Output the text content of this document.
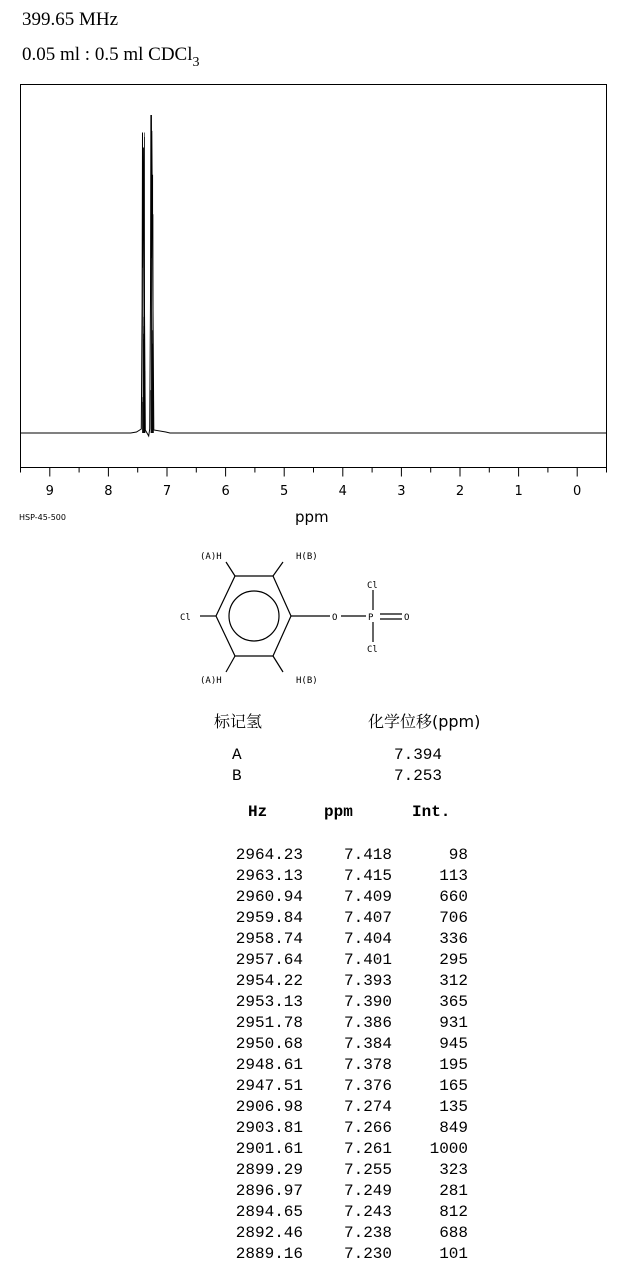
399.65 MHz
0.05 ml : 0.5 ml CDCl$_3$
9	8	7	6	5	4	3	2	1	0
HSP-45-500	ppm
(A)H	H(B)
Cl	O	P	O
Cl
Cl
(A)H	H(B)
标记氢	化学位移(ppm)
A	7.394
B	7.253
Hz	ppm	Int.
2964.23	7.418	98
2963.13	7.415	113
2960.94	7.409	660
2959.84	7.407	706
2958.74	7.404	336
2957.64	7.401	295
2954.22	7.393	312
2953.13	7.390	365
2951.78	7.386	931
2950.68	7.384	945
2948.61	7.378	195
2947.51	7.376	165
2906.98	7.274	135
2903.81	7.266	849
2901.61	7.261	1000
2899.29	7.255	323
2896.97	7.249	281
2894.65	7.243	812
2892.46	7.238	688
2889.16	7.230	101
